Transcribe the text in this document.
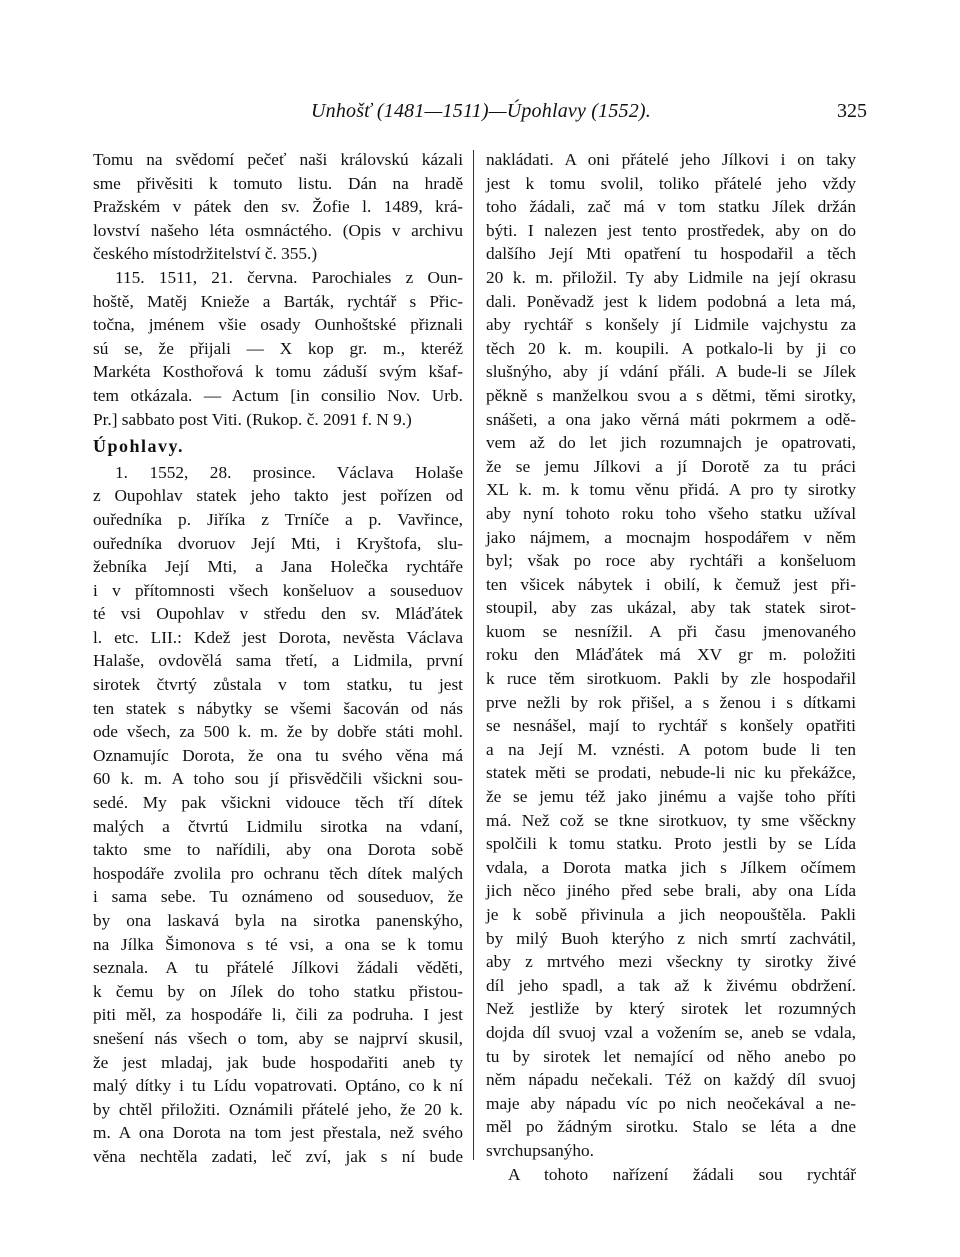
Unhošť (1481—1511)—Úpohlavy (1552).	325
Tomu na svědomí pečeť naši královskú kázali
sme přivěsiti k tomuto listu. Dán na hradě
Pražském v pátek den sv. Žofie l. 1489, krá-
lovství našeho léta osmnáctého. (Opis v archivu
českého místodržitelství č. 355.)
115. 1511, 21. června. Parochiales z Oun-
hoště, Matěj Knieže a Barták, rychtář s Přic-
točna, jménem všie osady Ounhoštské přiznali
sú se, že přijali — X kop gr. m., kteréž
Markéta Kosthořová k tomu záduší svým kšaf-
tem otkázala. — Actum [in consilio Nov. Urb.
Pr.] sabbato post Viti. (Rukop. č. 2091 f. N 9.)
Úpohlavy.
1. 1552, 28. prosince. Václava Holaše
z Oupohlav statek jeho takto jest pořízen od
ouředníka p. Jiříka z Trníče a p. Vavřince,
ouředníka dvoruov Její Mti, i Kryštofa, slu-
žebníka Její Mti, a Jana Holečka rychtáře
i v přítomnosti všech konšeluov a souseduov
té vsi Oupohlav v středu den sv. Mláďátek
l. etc. LII.: Kdež jest Dorota, nevěsta Václava
Halaše, ovdovělá sama třetí, a Lidmila, první
sirotek čtvrtý zůstala v tom statku, tu jest
ten statek s nábytky se všemi šacován od nás
ode všech, za 500 k. m. že by dobře státi mohl.
Oznamujíc Dorota, že ona tu svého věna má
60 k. m. A toho sou jí přisvědčili všickni sou-
sedé. My pak všickni vidouce těch tří dítek
malých a čtvrtú Lidmilu sirotka na vdaní,
takto sme to nařídili, aby ona Dorota sobě
hospodáře zvolila pro ochranu těch dítek malých
i sama sebe. Tu oznámeno od souseduov, že
by ona laskavá byla na sirotka panenskýho,
na Jílka Šimonova s té vsi, a ona se k tomu
seznala. A tu přátelé Jílkovi žádali věděti,
k čemu by on Jílek do toho statku přistou-
piti měl, za hospodáře li, čili za podruha. I jest
snešení nás všech o tom, aby se najprví skusil,
že jest mladaj, jak bude hospodařiti aneb ty
malý dítky i tu Lídu vopatrovati. Optáno, co k ní
by chtěl přiložiti. Oznámili přátelé jeho, že 20 k.
m. A ona Dorota na tom jest přestala, než svého
věna nechtěla zadati, leč zví, jak s ní bude
nakládati. A oni přátelé jeho Jílkovi i on taky
jest k tomu svolil, toliko přátelé jeho vždy
toho žádali, zač má v tom statku Jílek držán
býti. I nalezen jest tento prostředek, aby on do
dalšího Její Mti opatření tu hospodařil a těch
20 k. m. přiložil. Ty aby Lidmile na její okrasu
dali. Poněvadž jest k lidem podobná a leta má,
aby rychtář s konšely jí Lidmile vajchystu za
těch 20 k. m. koupili. A potkalo-li by ji co
slušnýho, aby jí vdání přáli. A bude-li se Jílek
pěkně s manželkou svou a s dětmi, těmi sirotky,
snášeti, a ona jako věrná máti pokrmem a odě-
vem až do let jich rozumnajch je opatrovati,
že se jemu Jílkovi a jí Dorotě za tu práci
XL k. m. k tomu věnu přidá. A pro ty sirotky
aby nyní tohoto roku toho všeho statku užíval
jako nájmem, a mocnajm hospodářem v něm
byl; však po roce aby rychtáři a konšeluom
ten všicek nábytek i obilí, k čemuž jest při-
stoupil, aby zas ukázal, aby tak statek sirot-
kuom se nesnížil. A při času jmenovaného
roku den Mláďátek má XV gr m. položiti
k ruce těm sirotkuom. Pakli by zle hospodařil
prve nežli by rok přišel, a s ženou i s dítkami
se nesnášel, mají to rychtář s konšely opatřiti
a na Její M. vznésti. A potom bude li ten
statek měti se prodati, nebude-li nic ku překážce,
že se jemu též jako jinému a vajše toho příti
má. Než což se tkne sirotkuov, ty sme všěckny
spolčili k tomu statku. Proto jestli by se Lída
vdala, a Dorota matka jich s Jílkem očímem
jich něco jiného před sebe brali, aby ona Lída
je k sobě přivinula a jich neopouštěla. Pakli
by milý Buoh kterýho z nich smrtí zachvátil,
aby z mrtvého mezi všeckny ty sirotky živé
díl jeho spadl, a tak až k živému obdržení.
Než jestliže by který sirotek let rozumných
dojda díl svuoj vzal a vožením se, aneb se vdala,
tu by sirotek let nemající od něho anebo po
něm nápadu nečekali. Též on každý díl svuoj
maje aby nápadu víc po nich neočekával a ne-
měl po žádným sirotku. Stalo se léta a dne
svrchupsanýho.
A tohoto nařízení žádali sou rychtář
